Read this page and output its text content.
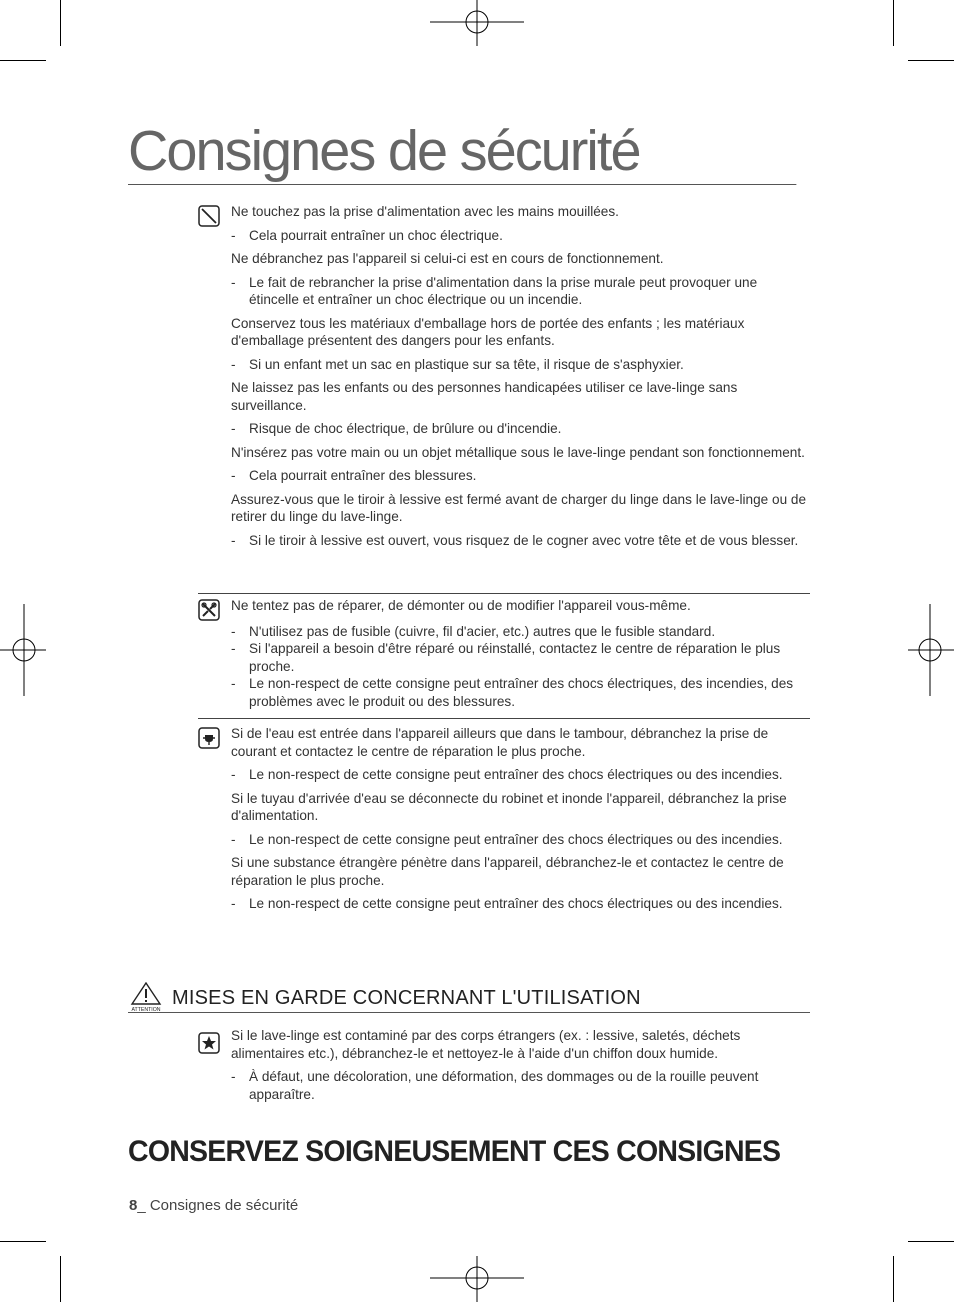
Consignes de sécurité

Ne touchez pas la prise d'alimentation avec les mains mouillées.

- Cela pourrait entraîner un choc électrique.

Ne débranchez pas l'appareil si celui-ci est en cours de fonctionnement.

- Le fait de rebrancher la prise d'alimentation dans la prise murale peut provoquer une étincelle et entraîner un choc électrique ou un incendie.

Conservez tous les matériaux d'emballage hors de portée des enfants ; les matériaux d'emballage présentent des dangers pour les enfants.

- Si un enfant met un sac en plastique sur sa tête, il risque de s'asphyxier.

Ne laissez pas les enfants ou des personnes handicapées utiliser ce lave-linge sans surveillance.

- Risque de choc électrique, de brûlure ou d'incendie.

N'insérez pas votre main ou un objet métallique sous le lave-linge pendant son fonctionnement.

- Cela pourrait entraîner des blessures.

Assurez-vous que le tiroir à lessive est fermé avant de charger du linge dans le lave-linge ou de retirer du linge du lave-linge.

- Si le tiroir à lessive est ouvert, vous risquez de le cogner avec votre tête et de vous blesser.

Ne tentez pas de réparer, de démonter ou de modifier l'appareil vous-même.

- N'utilisez pas de fusible (cuivre, fil d'acier, etc.) autres que le fusible standard.

- Si l'appareil a besoin d'être réparé ou réinstallé, contactez le centre de réparation le plus proche.

- Le non-respect de cette consigne peut entraîner des chocs électriques, des incendies, des problèmes avec le produit ou des blessures.

Si de l'eau est entrée dans l'appareil ailleurs que dans le tambour, débranchez la prise de courant et contactez le centre de réparation le plus proche.

- Le non-respect de cette consigne peut entraîner des chocs électriques ou des incendies.

Si le tuyau d'arrivée d'eau se déconnecte du robinet et inonde l'appareil, débranchez la prise d'alimentation.

- Le non-respect de cette consigne peut entraîner des chocs électriques ou des incendies.

Si une substance étrangère pénètre dans l'appareil, débranchez-le et contactez le centre de réparation le plus proche.

- Le non-respect de cette consigne peut entraîner des chocs électriques ou des incendies.

ATTENTION
MISES EN GARDE CONCERNANT L'UTILISATION

Si le lave-linge est contaminé par des corps étrangers (ex. : lessive, saletés, déchets alimentaires etc.), débranchez-le et nettoyez-le à l'aide d'un chiffon doux humide.

- À défaut, une décoloration, une déformation, des dommages ou de la rouille peuvent apparaître.

CONSERVEZ SOIGNEUSEMENT CES CONSIGNES
8_ Consignes de sécurité
